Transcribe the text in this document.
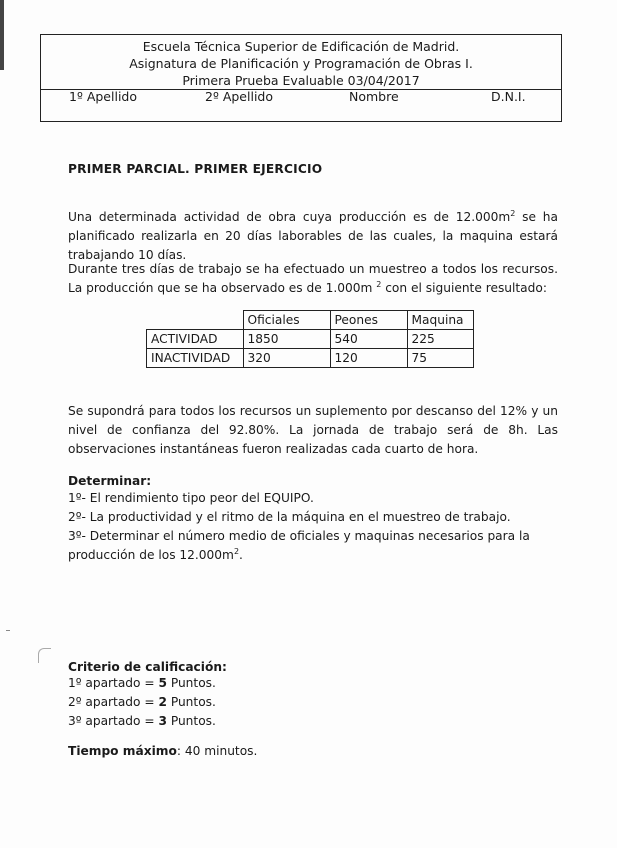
Escuela Técnica Superior de Edificación de Madrid.
Asignatura de Planificación y Programación de Obras I.
Primera Prueba Evaluable 03/04/2017
1º Apellido	2º Apellido	Nombre	D.N.I.
PRIMER PARCIAL. PRIMER EJERCICIO
Una determinada actividad de obra cuya producción es de $12.000m^2$ se ha planificado realizarla en 20 días laborables de las cuales, la maquina estará trabajando 10 días.
Durante tres días de trabajo se ha efectuado un muestreo a todos los recursos. La producción que se ha observado es de 1.000m $^2$ con el siguiente resultado:
	Oficiales	Peones	Maquina
ACTIVIDAD	1850	540	225
INACTIVIDAD	320	120	75
Se supondrá para todos los recursos un suplemento por descanso del 12% y un nivel de confianza del 92.80%. La jornada de trabajo será de 8h. Las observaciones instantáneas fueron realizadas cada cuarto de hora.
Determinar:
1º- El rendimiento tipo peor del EQUIPO.
2º- La productividad y el ritmo de la máquina en el muestreo de trabajo.
3º- Determinar el número medio de oficiales y maquinas necesarios para la producción de los $12.000m^2$.
Criterio de calificación:
1º apartado = 5 Puntos.
2º apartado = 2 Puntos.
3º apartado = 3 Puntos.
Tiempo máximo: 40 minutos.
